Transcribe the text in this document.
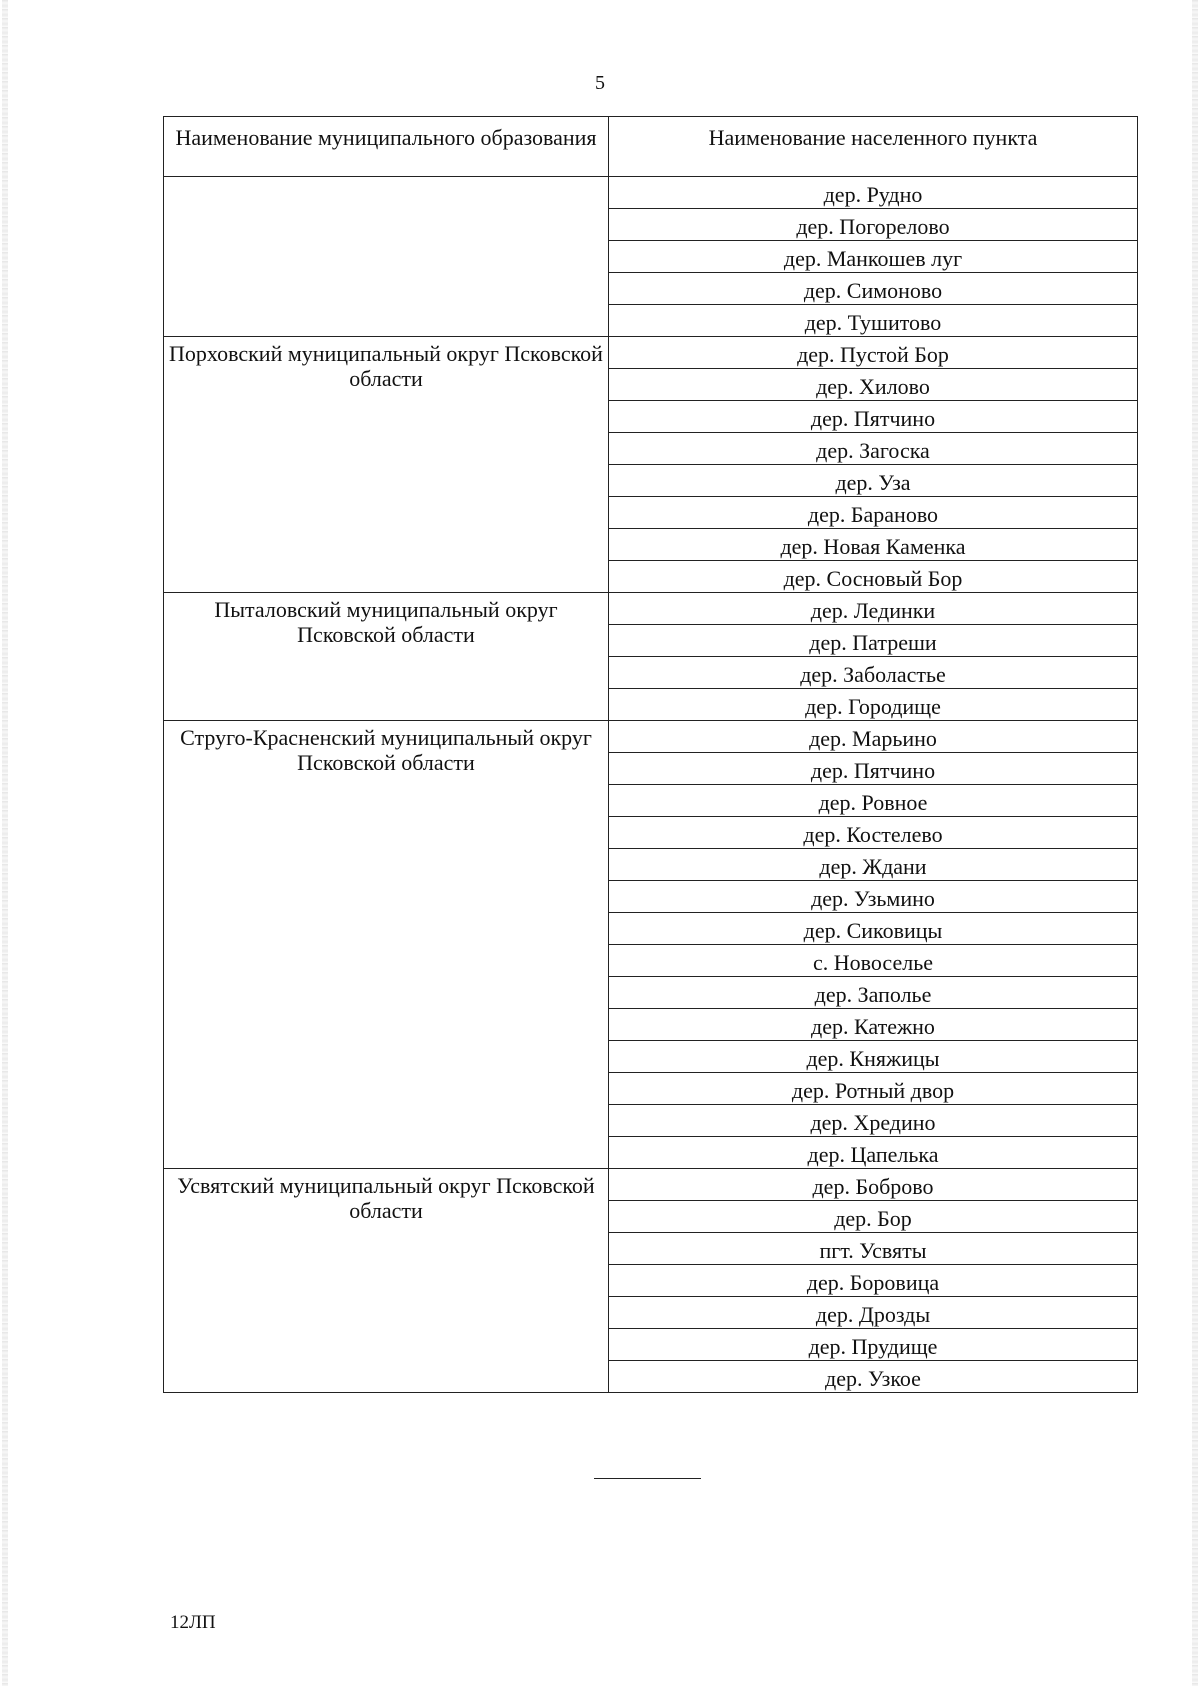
5
Наименование муниципального образования	Наименование населенного пункта
	дер. Рудно
	дер. Погорелово
	дер. Манкошев луг
	дер. Симоново
	дер. Тушитово
Порховский муниципальный округ Псковской области	дер. Пустой Бор
	дер. Хилово
	дер. Пятчино
	дер. Загоска
	дер. Уза
	дер. Бараново
	дер. Новая Каменка
	дер. Сосновый Бор
Пыталовский муниципальный округ Псковской области	дер. Лединки
	дер. Патреши
	дер. Заболастье
	дер. Городище
Струго-Красненский муниципальный округ Псковской области	дер. Марьино
	дер. Пятчино
	дер. Ровное
	дер. Костелево
	дер. Ждани
	дер. Узьмино
	дер. Сиковицы
	с. Новоселье
	дер. Заполье
	дер. Катежно
	дер. Княжицы
	дер. Ротный двор
	дер. Хредино
	дер. Цапелька
Усвятский муниципальный округ Псковской области	дер. Боброво
	дер. Бор
	пгт. Усвяты
	дер. Боровица
	дер. Дрозды
	дер. Прудище
	дер. Узкое
12ЛП
